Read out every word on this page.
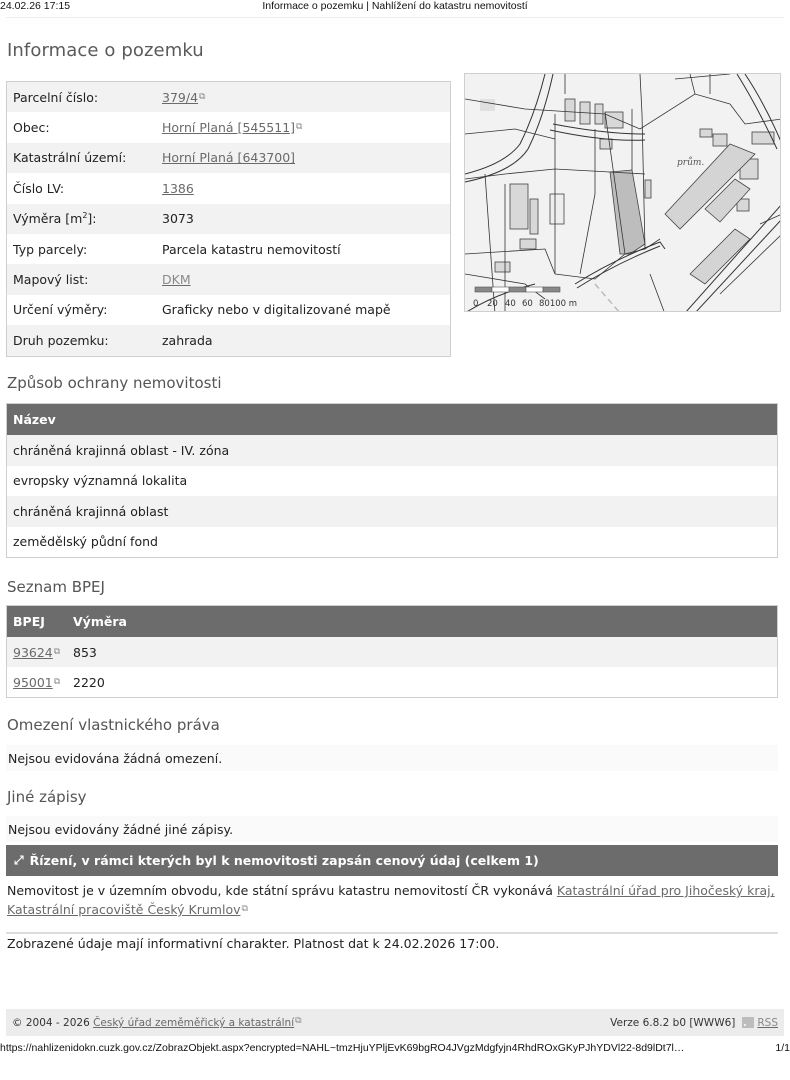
24.02.26 17:15	Informace o pozemku | Nahlížení do katastru nemovitostí
Informace o pozemku
Parcelní číslo:	379/4⧉
Obec:	Horní Planá [545511]⧉
Katastrální území:	Horní Planá [643700]
Číslo LV:	1386
Výměra $[m^2]$:	3073
Typ parcely:	Parcela katastru nemovitostí
Mapový list:	DKM
Určení výměry:	Graficky nebo v digitalizované mapě
Druh pozemku:	zahrada
prům.
0 20 40 60 80100 m
Způsob ochrany nemovitosti
Název
chráněná krajinná oblast - IV. zóna
evropsky významná lokalita
chráněná krajinná oblast
zemědělský půdní fond
Seznam BPEJ
BPEJ	Výměra
93624⧉	853
95001⧉	2220
Omezení vlastnického práva
Nejsou evidována žádná omezení.
Jiné zápisy
Nejsou evidovány žádné jiné zápisy.
⤢ Řízení, v rámci kterých byl k nemovitosti zapsán cenový údaj (celkem 1)
Nemovitost je v územním obvodu, kde státní správu katastru nemovitostí ČR vykonává Katastrální úřad pro Jihočeský kraj,
Katastrální pracoviště Český Krumlov⧉
Zobrazené údaje mají informativní charakter. Platnost dat k 24.02.2026 17:00.
© 2004 - 2026 Český úřad zeměměřický a katastrální⧉	Verze 6.8.2 b0 [WWW6] RSS
https://nahlizenidokn.cuzk.gov.cz/ZobrazObjekt.aspx?encrypted=NAHL~tmzHjuYPljEvK69bgRO4JVgzMdgfyjn4RhdROxGKyPJhYDVl22-8d9lDt7l…	1/1
